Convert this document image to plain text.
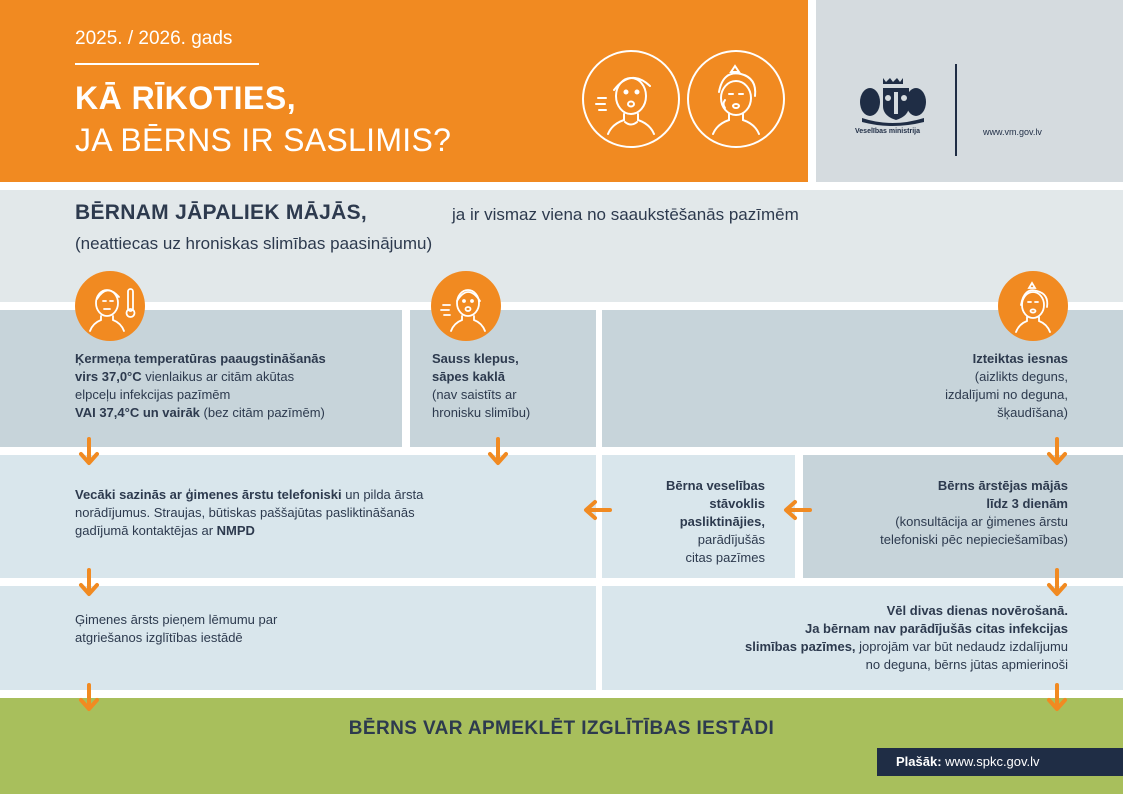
2025. / 2026. gads
KĀ RĪKOTIES,
JA BĒRNS IR SASLIMIS?	Veselības ministrija	www.vm.gov.lv
BĒRNAM JĀPALIEK MĀJĀS,	ja ir vismaz viena no saaukstēšanās pazīmēm
(neattiecas uz hroniskas slimības paasinājumu)
Ķermeņa temperatūras paaugstināšanās
virs 37,0°C vienlaikus ar citām akūtas
elpceļu infekcijas pazīmēm
VAI 37,4°C un vairāk (bez citām pazīmēm)
Sauss klepus,
sāpes kaklā
(nav saistīts ar
hronisku slimību)
Izteiktas iesnas
(aizlikts deguns,
izdalījumi no deguna,
šķaudīšana)
Vecāki sazinās ar ģimenes ārstu telefoniski un pilda ārsta
norādījumus. Straujas, būtiskas paššajūtas pasliktināšanās
gadījumā kontaktējas ar NMPD
Bērna veselības
stāvoklis
pasliktinājies,
parādījušās
citas pazīmes
Bērns ārstējas mājās
līdz 3 dienām
(konsultācija ar ģimenes ārstu
telefoniski pēc nepieciešamības)
Ģimenes ārsts pieņem lēmumu par
atgriešanos izglītības iestādē
Vēl divas dienas novērošanā.
Ja bērnam nav parādījušās citas infekcijas
slimības pazīmes, joprojām var būt nedaudz izdalījumu
no deguna, bērns jūtas apmierinoši
BĒRNS VAR APMEKLĒT IZGLĪTĪBAS IESTĀDI
Plašāk: www.spkc.gov.lv
